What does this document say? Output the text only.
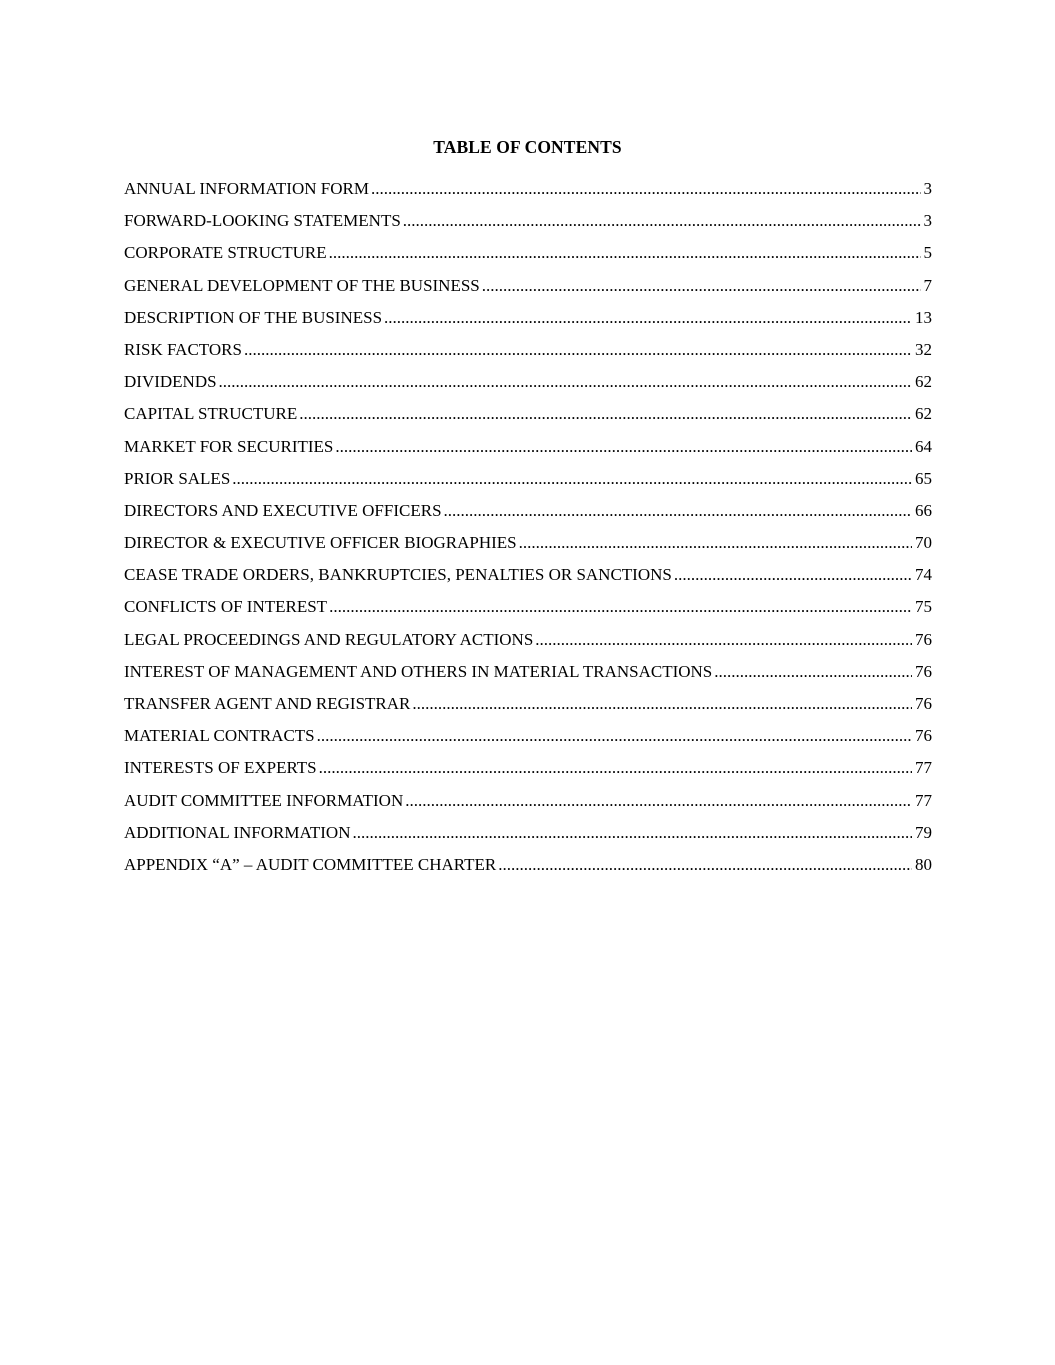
TABLE OF CONTENTS
ANNUAL INFORMATION FORM .....	3
FORWARD-LOOKING STATEMENTS .....	3
CORPORATE STRUCTURE .....	5
GENERAL DEVELOPMENT OF THE BUSINESS .....	7
DESCRIPTION OF THE BUSINESS .....	13
RISK FACTORS .....	32
DIVIDENDS .....	62
CAPITAL STRUCTURE .....	62
MARKET FOR SECURITIES .....	64
PRIOR SALES .....	65
DIRECTORS AND EXECUTIVE OFFICERS .....	66
DIRECTOR & EXECUTIVE OFFICER BIOGRAPHIES .....	70
CEASE TRADE ORDERS, BANKRUPTCIES, PENALTIES OR SANCTIONS .....	74
CONFLICTS OF INTEREST .....	75
LEGAL PROCEEDINGS AND REGULATORY ACTIONS .....	76
INTEREST OF MANAGEMENT AND OTHERS IN MATERIAL TRANSACTIONS .....	76
TRANSFER AGENT AND REGISTRAR .....	76
MATERIAL CONTRACTS .....	76
INTERESTS OF EXPERTS .....	77
AUDIT COMMITTEE INFORMATION .....	77
ADDITIONAL INFORMATION .....	79
APPENDIX “A” – AUDIT COMMITTEE CHARTER .....	80
